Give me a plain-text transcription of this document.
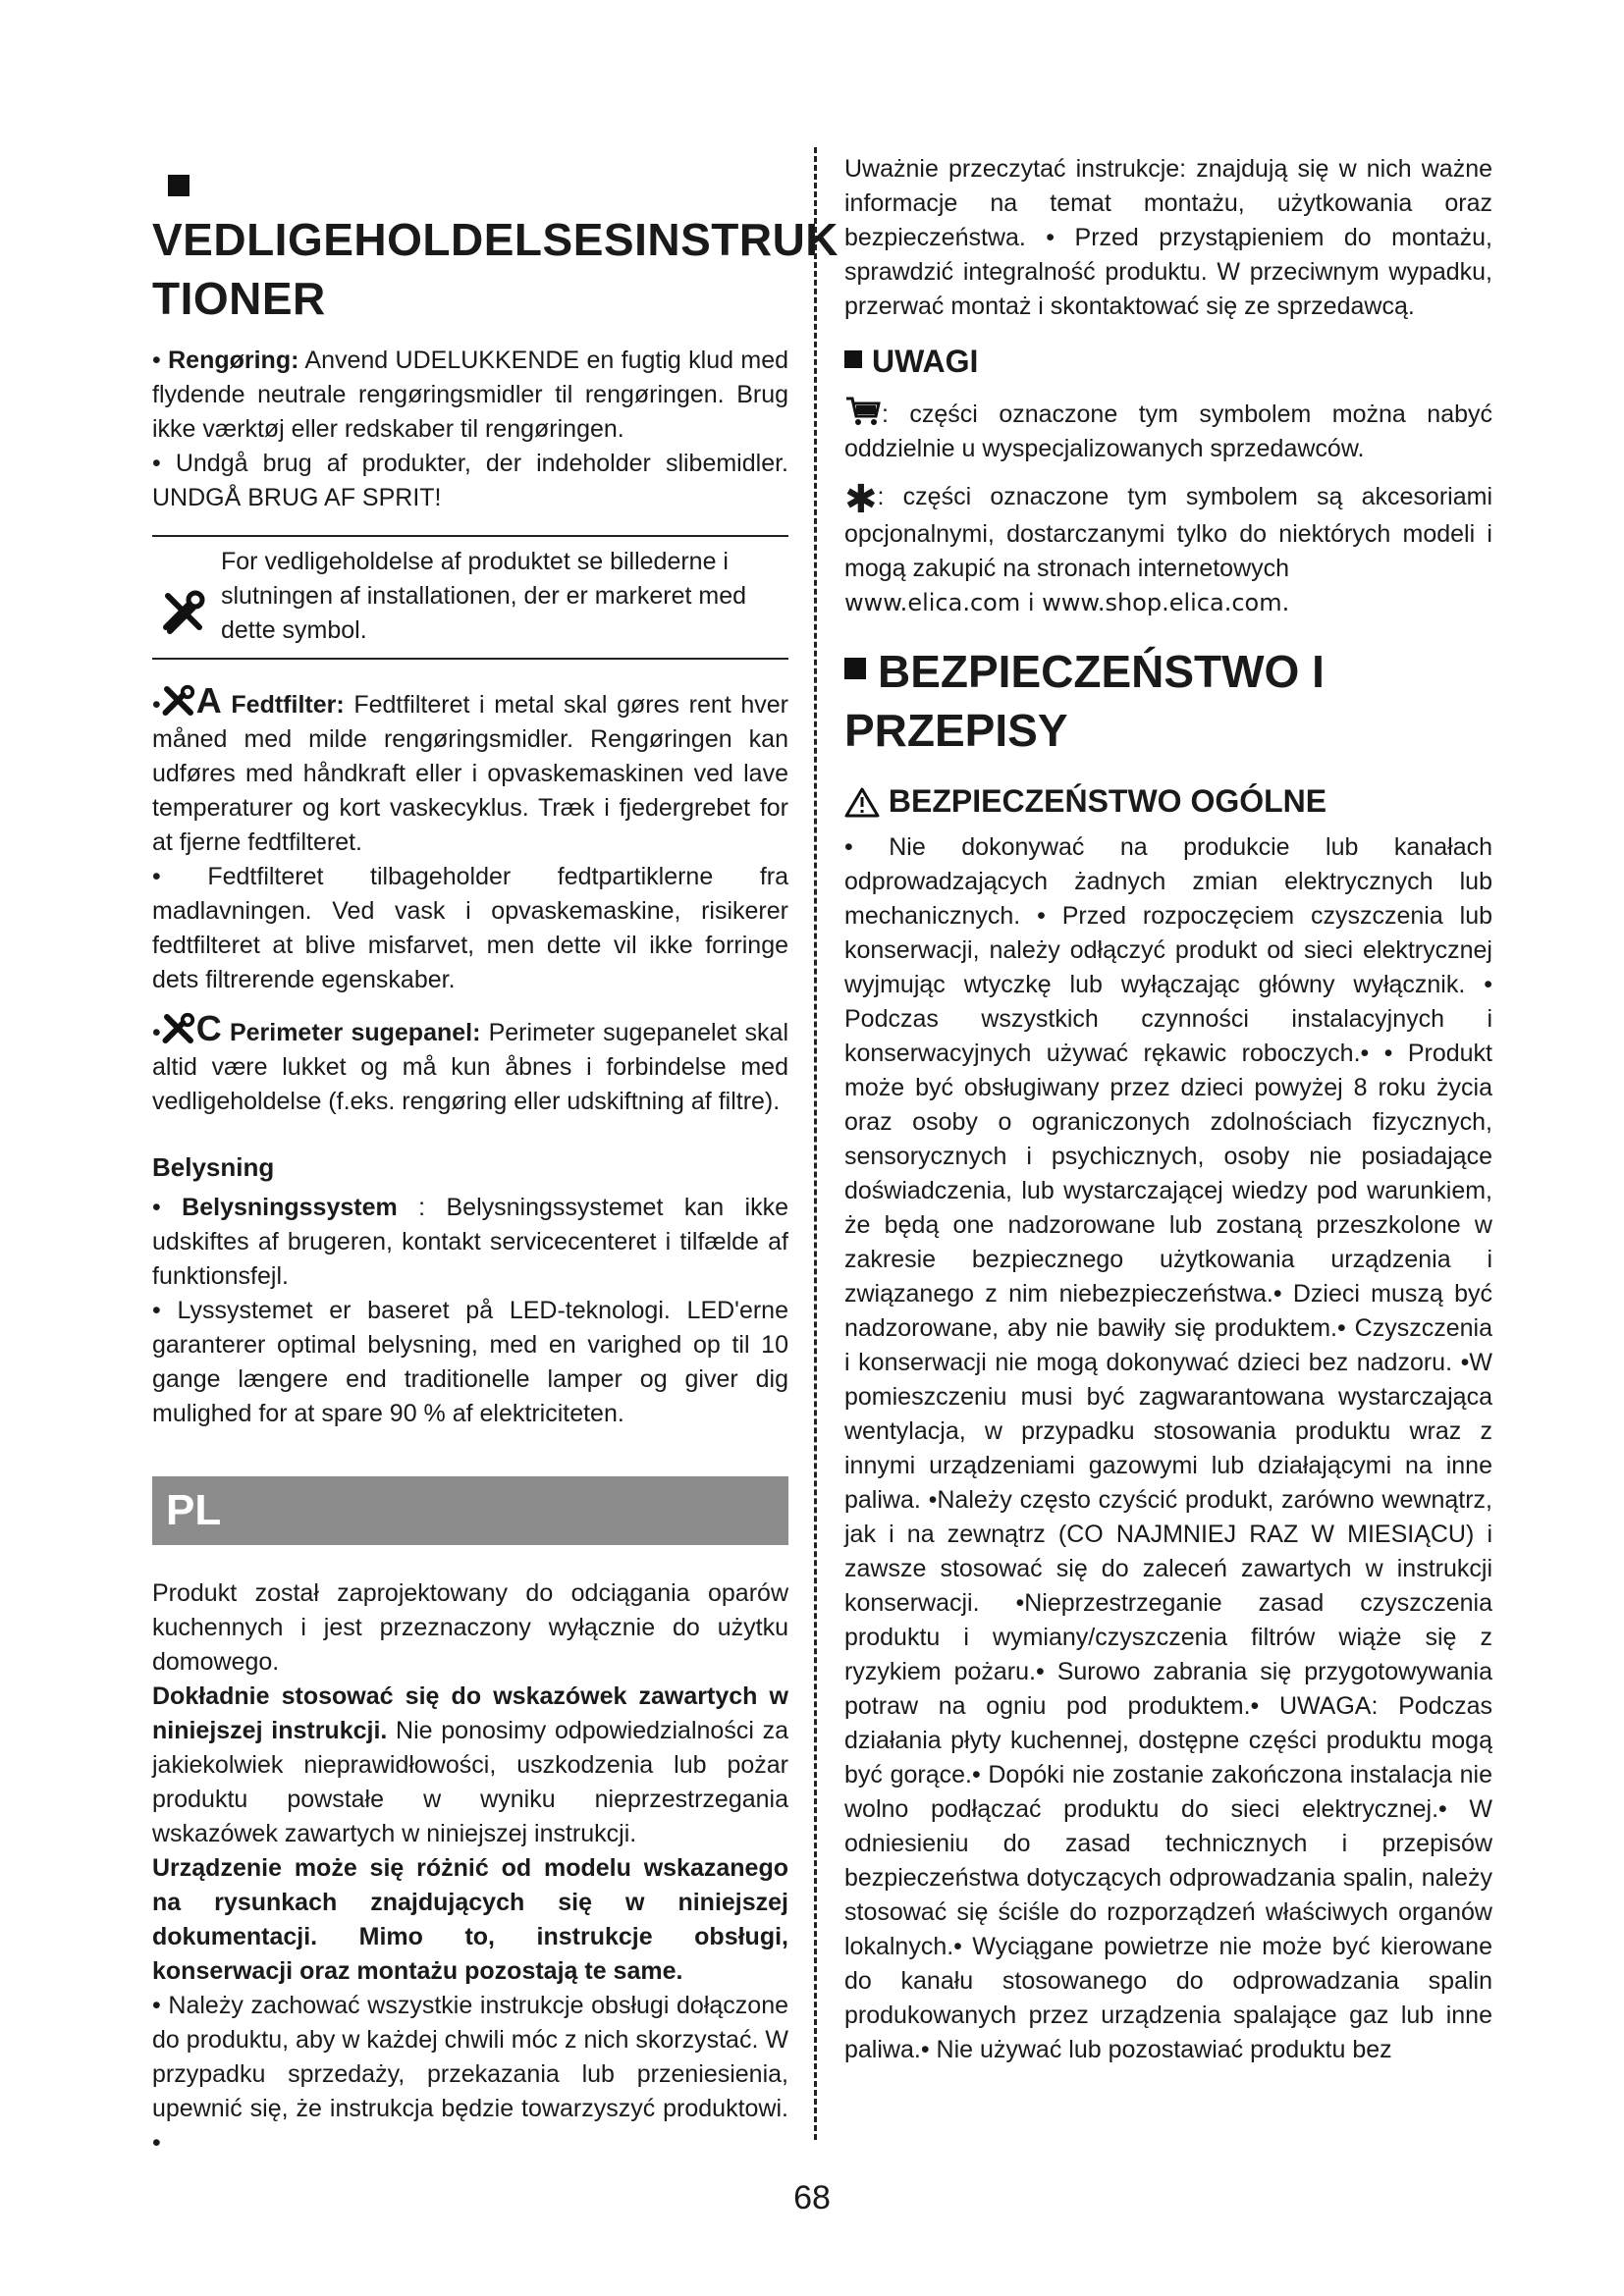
VEDLIGEHOLDELSESINSTRUK
TIONER

• Rengøring: Anvend UDELUKKENDE en fugtig klud med flydende neutrale rengøringsmidler til rengøringen. Brug ikke værktøj eller redskaber til rengøringen.

• Undgå brug af produkter, der indeholder slibemidler. UNDGÅ BRUG AF SPRIT!

For vedligeholdelse af produktet se billederne i slutningen af installationen, der er markeret med dette symbol.

• A Fedtfilter: Fedtfilteret i metal skal gøres rent hver måned med milde rengøringsmidler. Rengøringen kan udføres med håndkraft eller i opvaskemaskinen ved lave temperaturer og kort vaskecyklus. Træk i fjedergrebet for at fjerne fedtfilteret.

• Fedtfilteret tilbageholder fedtpartiklerne fra madlavningen. Ved vask i opvaskemaskine, risikerer fedtfilteret at blive misfarvet, men dette vil ikke forringe dets filtrerende egenskaber.

• C Perimeter sugepanel: Perimeter sugepanelet skal altid være lukket og må kun åbnes i forbindelse med vedligeholdelse (f.eks. rengøring eller udskiftning af filtre).

Belysning

• Belysningssystem : Belysningssystemet kan ikke udskiftes af brugeren, kontakt servicecenteret i tilfælde af funktionsfejl.

• Lyssystemet er baseret på LED-teknologi. LED'erne garanterer optimal belysning, med en varighed op til 10 gange længere end traditionelle lamper og giver dig mulighed for at spare 90 % af elektriciteten.

PL

Produkt został zaprojektowany do odciągania oparów kuchennych i jest przeznaczony wyłącznie do użytku domowego.

Dokładnie stosować się do wskazówek zawartych w niniejszej instrukcji. Nie ponosimy odpowiedzialności za jakiekolwiek nieprawidłowości, uszkodzenia lub pożar produktu powstałe w wyniku nieprzestrzegania wskazówek zawartych w niniejszej instrukcji.

Urządzenie może się różnić od modelu wskazanego na rysunkach znajdujących się w niniejszej dokumentacji. Mimo to, instrukcje obsługi, konserwacji oraz montażu pozostają te same.

• Należy zachować wszystkie instrukcje obsługi dołączone do produktu, aby w każdej chwili móc z nich skorzystać. W przypadku sprzedaży, przekazania lub przeniesienia, upewnić się, że instrukcja będzie towarzyszyć produktowi. •

Uważnie przeczytać instrukcje: znajdują się w nich ważne informacje na temat montażu, użytkowania oraz bezpieczeństwa. • Przed przystąpieniem do montażu, sprawdzić integralność produktu. W przeciwnym wypadku, przerwać montaż i skontaktować się ze sprzedawcą.

UWAGI

: części oznaczone tym symbolem można nabyć oddzielnie u wyspecjalizowanych sprzedawców.

✱: części oznaczone tym symbolem są akcesoriami opcjonalnymi, dostarczanymi tylko do niektórych modeli i mogą zakupić na stronach internetowych

www.elica.com i www.shop.elica.com.

BEZPIECZEŃSTWO I PRZEPISY
BEZPIECZEŃSTWO OGÓLNE

• Nie dokonywać na produkcie lub kanałach odprowadzających żadnych zmian elektrycznych lub mechanicznych. • Przed rozpoczęciem czyszczenia lub konserwacji, należy odłączyć produkt od sieci elektrycznej wyjmując wtyczkę lub wyłączając główny wyłącznik. • Podczas wszystkich czynności instalacyjnych i konserwacyjnych używać rękawic roboczych.• • Produkt może być obsługiwany przez dzieci powyżej 8 roku życia oraz osoby o ograniczonych zdolnościach fizycznych, sensorycznych i psychicznych, osoby nie posiadające doświadczenia, lub wystarczającej wiedzy pod warunkiem, że będą one nadzorowane lub zostaną przeszkolone w zakresie bezpiecznego użytkowania urządzenia i związanego z nim niebezpieczeństwa.• Dzieci muszą być nadzorowane, aby nie bawiły się produktem.• Czyszczenia i konserwacji nie mogą dokonywać dzieci bez nadzoru. •W pomieszczeniu musi być zagwarantowana wystarczająca wentylacja, w przypadku stosowania produktu wraz z innymi urządzeniami gazowymi lub działającymi na inne paliwa. •Należy często czyścić produkt, zarówno wewnątrz, jak i na zewnątrz (CO NAJMNIEJ RAZ W MIESIĄCU) i zawsze stosować się do zaleceń zawartych w instrukcji konserwacji. •Nieprzestrzeganie zasad czyszczenia produktu i wymiany/czyszczenia filtrów wiąże się z ryzykiem pożaru.• Surowo zabrania się przygotowywania potraw na ogniu pod produktem.• UWAGA: Podczas działania płyty kuchennej, dostępne części produktu mogą być gorące.• Dopóki nie zostanie zakończona instalacja nie wolno podłączać produktu do sieci elektrycznej.• W odniesieniu do zasad technicznych i przepisów bezpieczeństwa dotyczących odprowadzania spalin, należy stosować się ściśle do rozporządzeń właściwych organów lokalnych.• Wyciągane powietrze nie może być kierowane do kanału stosowanego do odprowadzania spalin produkowanych przez urządzenia spalające gaz lub inne paliwa.• Nie używać lub pozostawiać produktu bez

68
